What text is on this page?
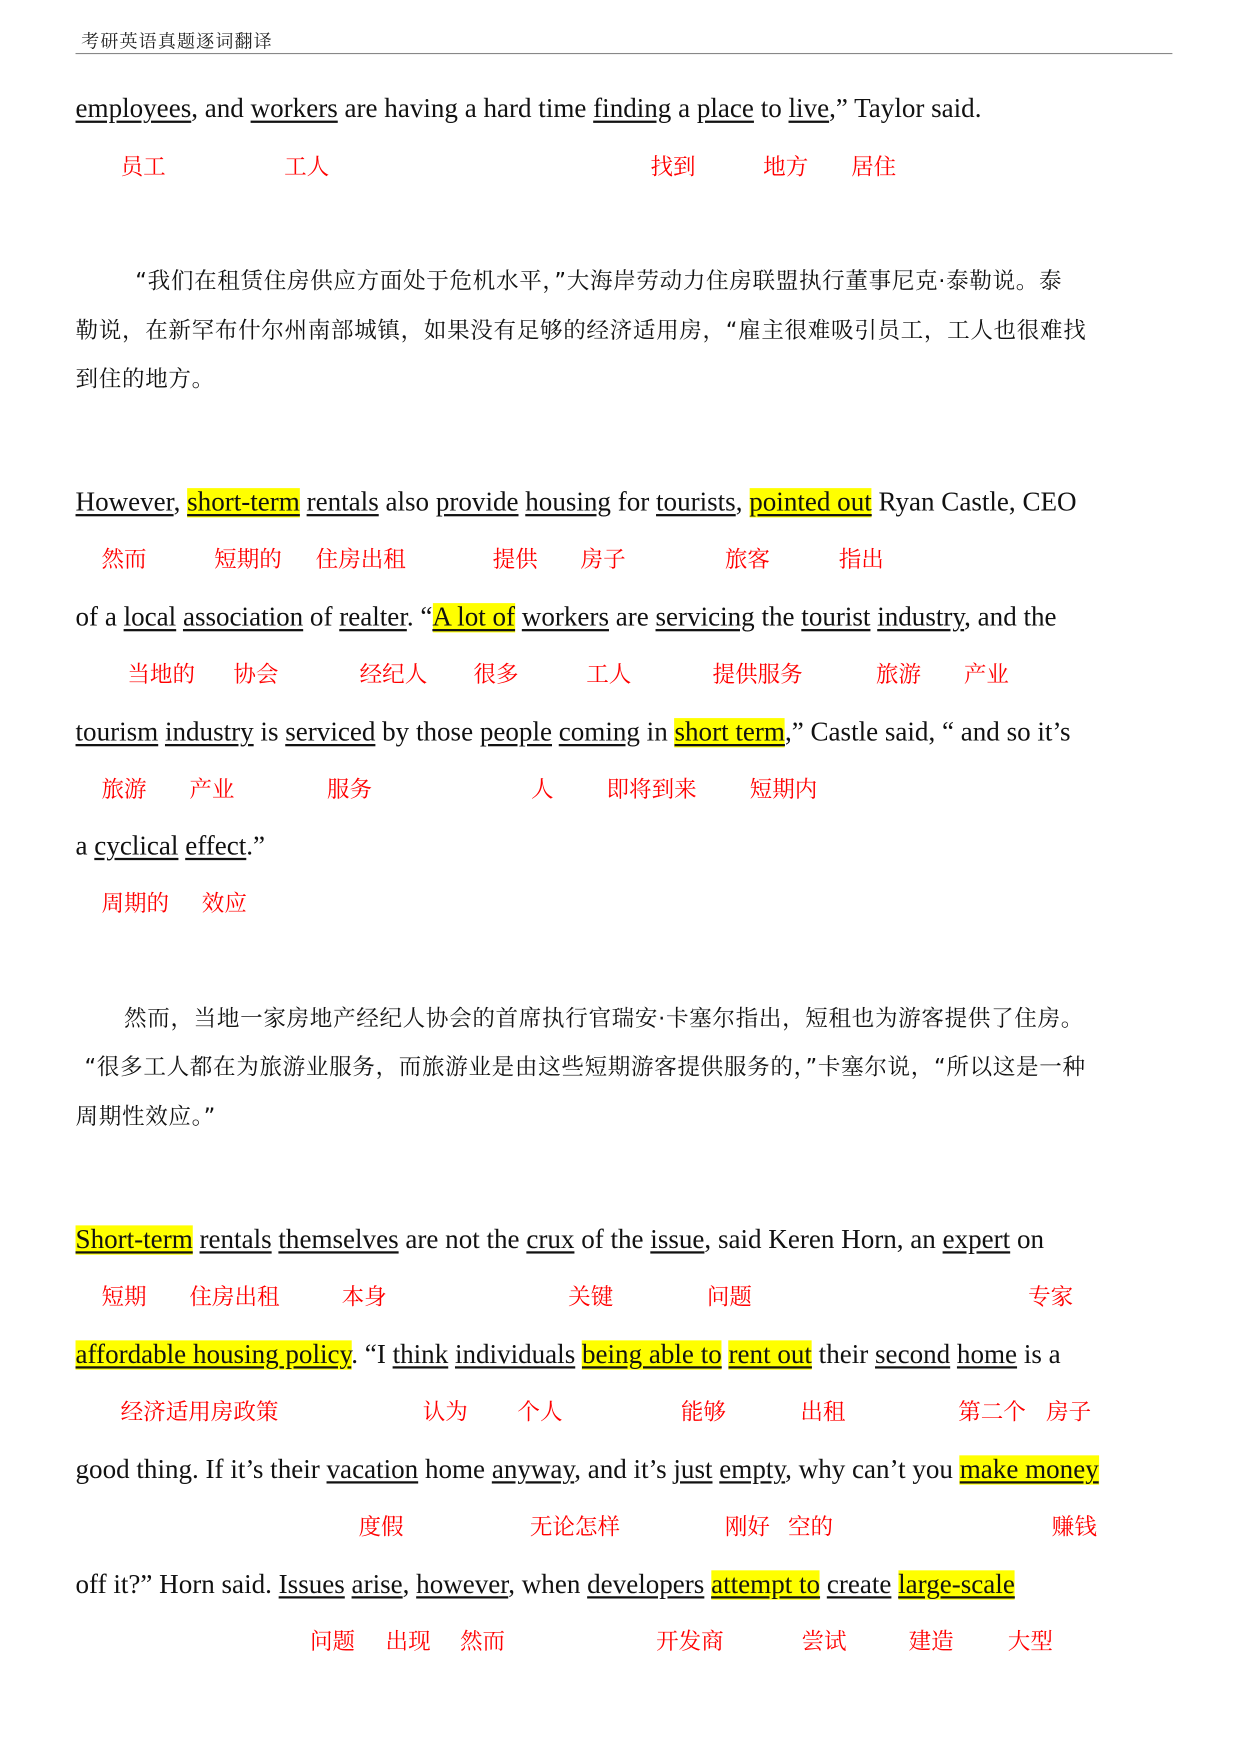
考研英语真题逐词翻译
employees, and workers are having a hard time finding a place to live,” Taylor said.
员工	工人	找到	地方 居住
However, short-term rentals also provide housing for tourists, pointed out Ryan Castle, CEO
然而	短期的 住房出租	提供 房子	旅客	指出
of a local association of realter. “A lot of workers are servicing the tourist industry, and the
当地的 协会	经纪人 很多	工人	提供服务	旅游 产业
tourism industry is serviced by those people coming in short term,” Castle said, “ and so it’s
旅游 产业	服务	人	即将到来	短期内
a cyclical effect.”
周期的 效应
Short-term rentals themselves are not the crux of the issue, said Keren Horn, an expert on
短期 住房出租	本身	关键	问题	专家
affordable housing policy. “I think individuals being able to rent out their second home is a
经济适用房政策	认为 个人	能够	出租	第二个 房子
good thing. If it’s their vacation home anyway, and it’s just empty, why can’t you make money
度假	无论怎样	刚好 空的	赚钱
off it?” Horn said. Issues arise, however, when developers attempt to create large-scale
问题 出现 然而	开发商	尝试	建造	大型
“我们在租赁住房供应方面处于危机水平，”大海岸劳动力住房联盟执行董事尼克·泰勒说。泰
勒说，在新罕布什尔州南部城镇，如果没有足够的经济适用房，“雇主很难吸引员工，工人也很难找
到住的地方。
然而，当地一家房地产经纪人协会的首席执行官瑞安·卡塞尔指出，短租也为游客提供了住房。
“很多工人都在为旅游业服务，而旅游业是由这些短期游客提供服务的，”卡塞尔说，“所以这是一种
周期性效应。”
